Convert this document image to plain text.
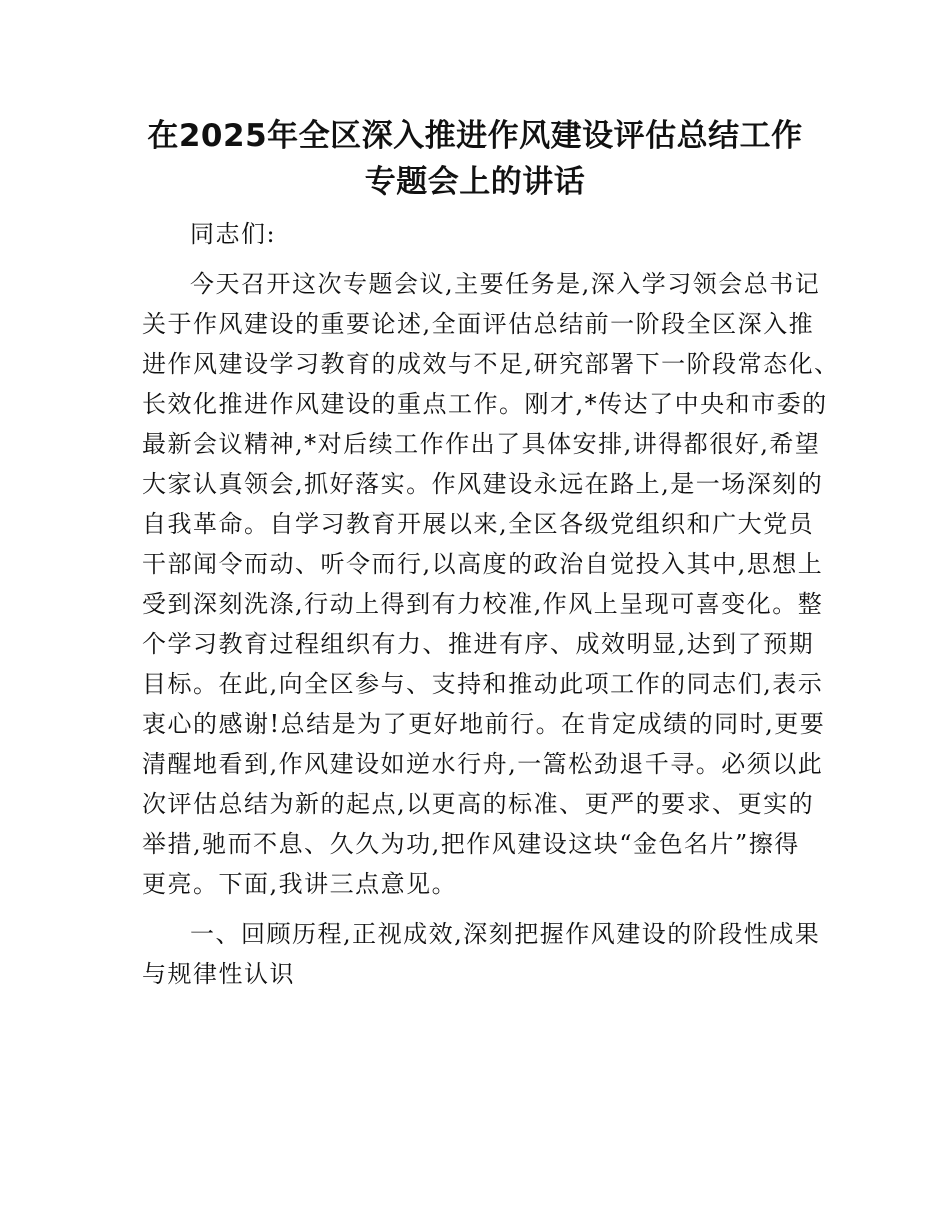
在2025年全区深入推进作风建设评估总结工作
专题会上的讲话
同志们:
今天召开这次专题会议,主要任务是,深入学习领会总书记
关于作风建设的重要论述,全面评估总结前一阶段全区深入推
进作风建设学习教育的成效与不足,研究部署下一阶段常态化、
长效化推进作风建设的重点工作。刚才,*传达了中央和市委的
最新会议精神,*对后续工作作出了具体安排,讲得都很好,希望
大家认真领会,抓好落实。作风建设永远在路上,是一场深刻的
自我革命。自学习教育开展以来,全区各级党组织和广大党员
干部闻令而动、听令而行,以高度的政治自觉投入其中,思想上
受到深刻洗涤,行动上得到有力校准,作风上呈现可喜变化。整
个学习教育过程组织有力、推进有序、成效明显,达到了预期
目标。在此,向全区参与、支持和推动此项工作的同志们,表示
衷心的感谢!总结是为了更好地前行。在肯定成绩的同时,更要
清醒地看到,作风建设如逆水行舟,一篙松劲退千寻。必须以此
次评估总结为新的起点,以更高的标准、更严的要求、更实的
举措,驰而不息、久久为功,把作风建设这块“金色名片”擦得
更亮。下面,我讲三点意见。
一、回顾历程,正视成效,深刻把握作风建设的阶段性成果
与规律性认识
